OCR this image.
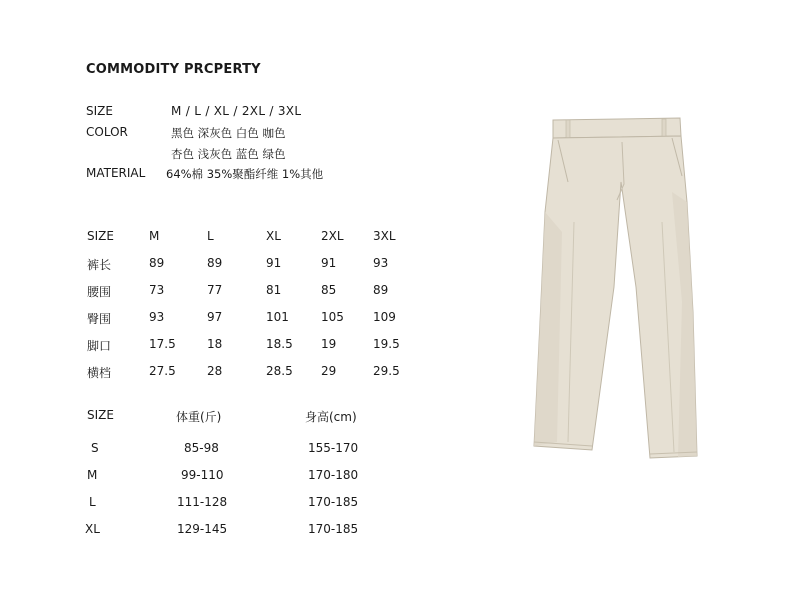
COMMODITY PRCPERTY
SIZE	M / L / XL / 2XL / 3XL
COLOR	黑色 深灰色 白色 咖色
杏色 浅灰色 蓝色 绿色
MATERIAL 64%棉 35%聚酯纤维 1%其他
SIZE	M	L	XL	2XL 3XL
裤长	89	89	91	91	93
腰围	73	77	81	85	89
臀围	93	97	101	105 109
脚口	17.5	18	18.5 19	19.5
横档	27.5	28	28.5 29	29.5
SIZE	体重(斤)	身高(cm)
S	85-98	155-170
M	99-110	170-180
L	111-128	170-185
XL	129-145	170-185
